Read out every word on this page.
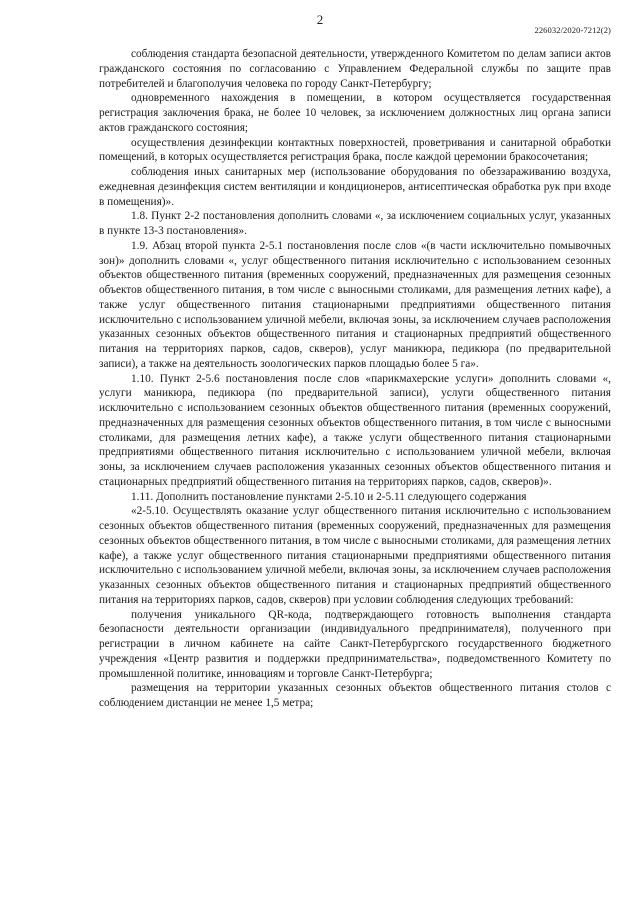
2
226032/2020-7212(2)

соблюдения стандарта безопасной деятельности, утвержденного Комитетом по делам записи актов гражданского состояния по согласованию с Управлением Федеральной службы по защите прав потребителей и благополучия человека по городу Санкт-Петербургу;

одновременного нахождения в помещении, в котором осуществляется государственная регистрация заключения брака, не более 10 человек, за исключением должностных лиц органа записи актов гражданского состояния;

осуществления дезинфекции контактных поверхностей, проветривания и санитарной обработки помещений, в которых осуществляется регистрация брака, после каждой церемонии бракосочетания;

соблюдения иных санитарных мер (использование оборудования по обеззараживанию воздуха, ежедневная дезинфекция систем вентиляции и кондиционеров, антисептическая обработка рук при входе в помещения)».

1.8. Пункт 2-2 постановления дополнить словами «, за исключением социальных услуг, указанных в пункте 13-3 постановления».

1.9. Абзац второй пункта 2-5.1 постановления после слов «(в части исключительно помывочных зон)» дополнить словами «, услуг общественного питания исключительно с использованием сезонных объектов общественного питания (временных сооружений, предназначенных для размещения сезонных объектов общественного питания, в том числе с выносными столиками, для размещения летних кафе), а также услуг общественного питания стационарными предприятиями общественного питания исключительно с использованием уличной мебели, включая зоны, за исключением случаев расположения указанных сезонных объектов общественного питания и стационарных предприятий общественного питания на территориях парков, садов, скверов), услуг маникюра, педикюра (по предварительной записи), а также на деятельность зоологических парков площадью более 5 га».

1.10. Пункт 2-5.6 постановления после слов «парикмахерские услуги» дополнить словами «, услуги маникюра, педикюра (по предварительной записи), услуги общественного питания исключительно с использованием сезонных объектов общественного питания (временных сооружений, предназначенных для размещения сезонных объектов общественного питания, в том числе с выносными столиками, для размещения летних кафе), а также услуги общественного питания стационарными предприятиями общественного питания исключительно с использованием уличной мебели, включая зоны, за исключением случаев расположения указанных сезонных объектов общественного питания и стационарных предприятий общественного питания на территориях парков, садов, скверов)».

1.11. Дополнить постановление пунктами 2-5.10 и 2-5.11 следующего содержания

«2-5.10. Осуществлять оказание услуг общественного питания исключительно с использованием сезонных объектов общественного питания (временных сооружений, предназначенных для размещения сезонных объектов общественного питания, в том числе с выносными столиками, для размещения летних кафе), а также услуг общественного питания стационарными предприятиями общественного питания исключительно с использованием уличной мебели, включая зоны, за исключением случаев расположения указанных сезонных объектов общественного питания и стационарных предприятий общественного питания на территориях парков, садов, скверов) при условии соблюдения следующих требований:

получения уникального QR-кода, подтверждающего готовность выполнения стандарта безопасности деятельности организации (индивидуального предпринимателя), полученного при регистрации в личном кабинете на сайте Санкт-Петербургского государственного бюджетного учреждения «Центр развития и поддержки предпринимательства», подведомственного Комитету по промышленной политике, инновациям и торговле Санкт-Петербурга;

размещения на территории указанных сезонных объектов общественного питания столов с соблюдением дистанции не менее 1,5 метра;
